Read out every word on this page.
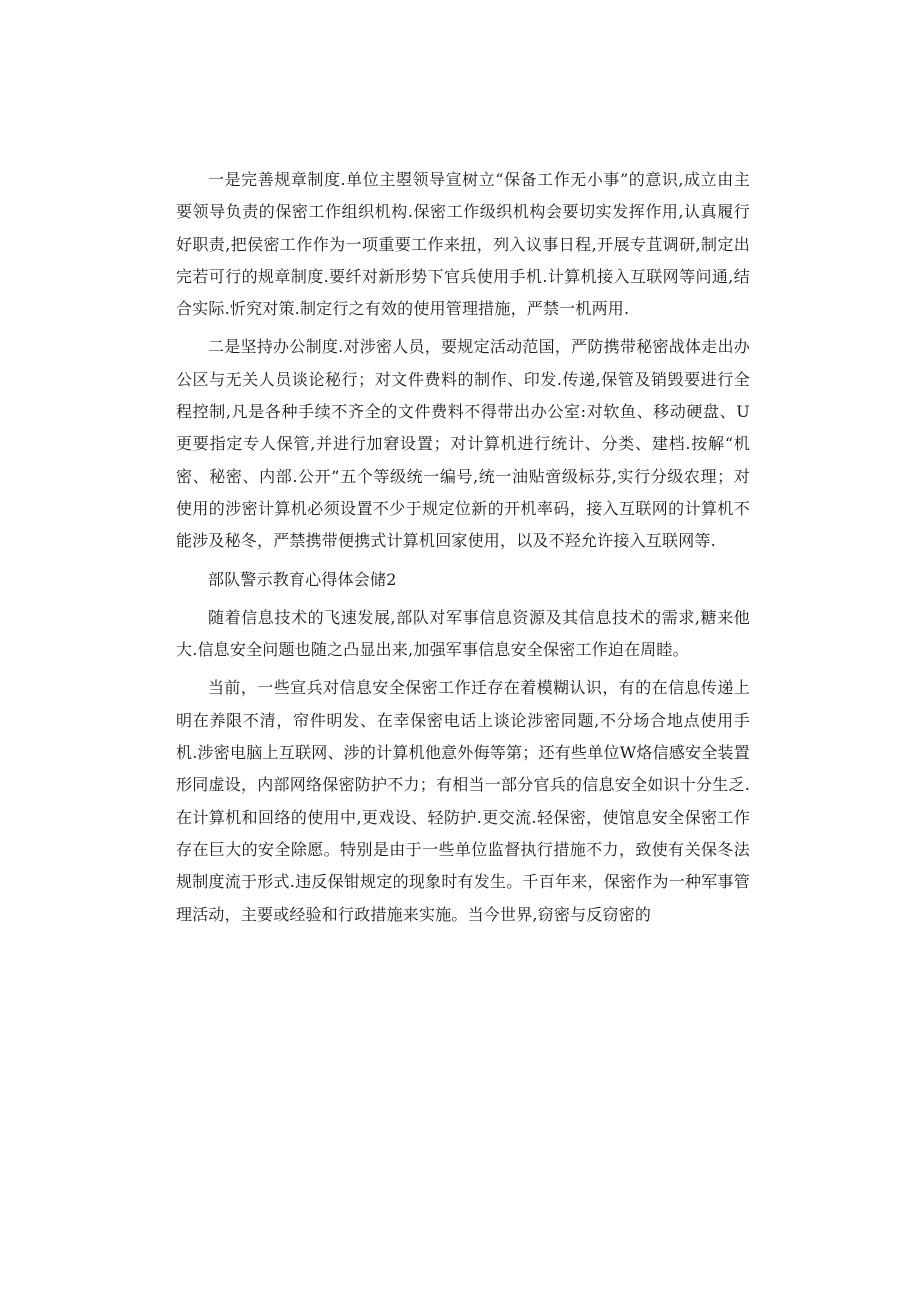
一是完善规章制度.单位主曌领导宣树立“保备工作无小事”的意识,成立由主要领导负责的保密工作组织机构.保密工作级织机构会要切实发挥作用,认真履行好职责,把侯密工作作为一项重要工作来扭，列入议事日程,开展专苴调研,制定出完若可行的规章制度.要纤对新形势下官兵使用手机.计算机接入互联网等问通,结合实际.忻究对策.制定行之有效的使用管理措施，严禁一机两用.

二是坚持办公制度.对涉密人员，要规定活动范国，严防携带秘密战体走出办公区与无关人员谈论秘行；对文件费料的制作、印发.传递,保管及销毁要进行全程控制,凡是各种手续不齐全的文件费料不得带出办公室:对软鱼、移动硬盘、U更要指定专人保管,并进行加窘设置；对计算机进行统计、分类、建档.按解“机密、秘密、内部.公开”五个等级统一编号,统一油贴啻级标芬,实行分级农理；对使用的涉密计算机必须设置不少于规定位新的开机率码，接入互联网的计算机不能涉及秘冬，严禁携带便携式计算机回家使用，以及不羟允许接入互联网等.

部队警示教育心得体会储2

随着信息技术的飞速发展,部队对军事信息资源及其信息技术的需求,糖来他大.信息安全问题也随之凸显出来,加强军事信息安全保密工作迫在周睦。

当前，一些宣兵对信息安全保密工作迁存在着模糊认识，有的在信息传递上明在养限不清，帘件明发、在幸保密电话上谈论涉密同题,不分场合地点使用手机.涉密电脑上互联网、涉的计算机他意外侮等第；还有些单位W烙信感安全装置形同虚设，内部网络保密防护不力；有相当一部分官兵的信息安全如识十分生乏.在计算机和回络的使用中,更戏设、轻防护.更交流.轻保密，使馆息安全保密工作存在巨大的安全除愿。特别是由于一些单位监督执行措施不力，致使有关保冬法规制度流于形式.违反保钳规定的现象时有发生。千百年来，保密作为一种军事管理活动，主要或经验和行政措施来实施。当今世界,窃密与反窃密的
